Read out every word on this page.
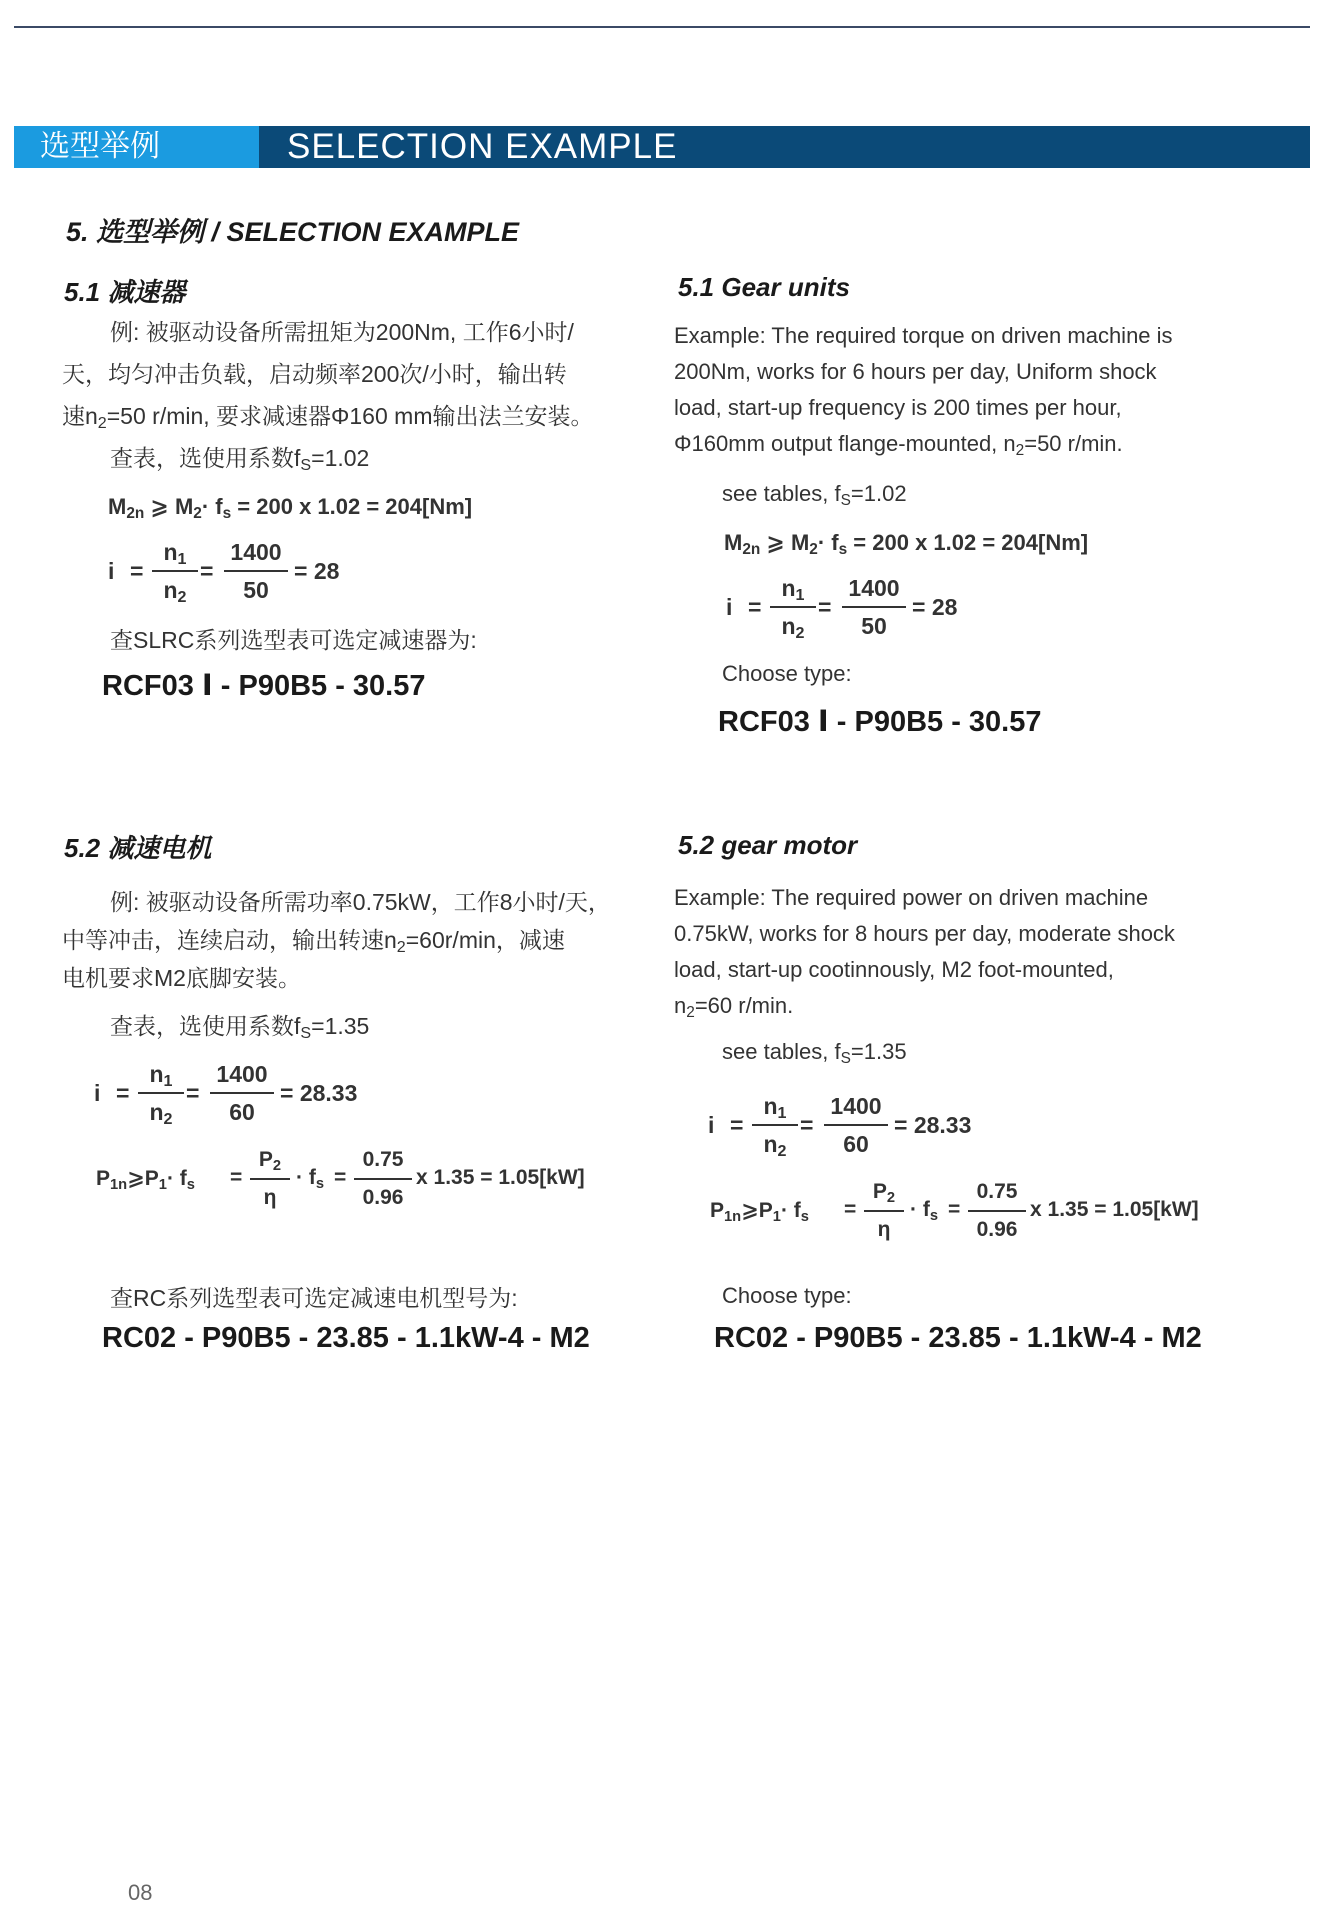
选型举例	SELECTION EXAMPLE
5. 选型举例 / SELECTION EXAMPLE
5.1 减速器
例: 被驱动设备所需扭矩为200Nm, 工作6小时/
天，均匀冲击负载，启动频率200次/小时，输出转
速$n_2=50$ r/min, 要求减速器Φ160 mm输出法兰安装。
查表，选使用系数$f_S=1.02$
$M_{2n}$ ⩾ $M_2\cdot f_s = 200$ x 1.02 = 204[Nm]
i =
$n_1$
$n_2$
=
1400
50
= 28
查SLRC系列选型表可选定减速器为:
RCF03 Ⅰ - P90B5 - 30.57
5.1 Gear units
Example: The required torque on driven machine is
200Nm, works for 6 hours per day, Uniform shock
load, start-up frequency is 200 times per hour,
Φ160mm output flange-mounted, $n_2=50$ r/min.
see tables, $f_S=1.02$
$M_{2n}$ ⩾ $M_2\cdot f_s = 200$ x 1.02 = 204[Nm]
i =
$n_1$
$n_2$
=
1400
50
= 28
Choose type:
RCF03 Ⅰ - P90B5 - 30.57
5.2 减速电机
例: 被驱动设备所需功率0.75kW，工作8小时/天，
中等冲击，连续启动，输出转速$n_2=60r/\min$，减速
电机要求M2底脚安装。
查表，选使用系数$f_S=1.35$
i =
$n_1$
$n_2$
=
1400
60
= 28.33
$P_{1n}⩾P_1\cdot f_s$ =
$P_2$
η
· $f_s$ =
0.75
0.96
x 1.35 = 1.05[kW]
查RC系列选型表可选定减速电机型号为:
RC02 - P90B5 - 23.85 - 1.1kW-4 - M2
5.2 gear motor
Example: The required power on driven machine
0.75kW, works for 8 hours per day, moderate shock
load, start-up cootinnously, M2 foot-mounted,
$n_2=60$ r/min.
see tables, $f_S=1.35$
i =
$n_1$
$n_2$
=
1400
60
= 28.33
$P_{1n}⩾P_1\cdot f_s$ =
$P_2$
η
· $f_s$ =
0.75
0.96
x 1.35 = 1.05[kW]
Choose type:
RC02 - P90B5 - 23.85 - 1.1kW-4 - M2
08
